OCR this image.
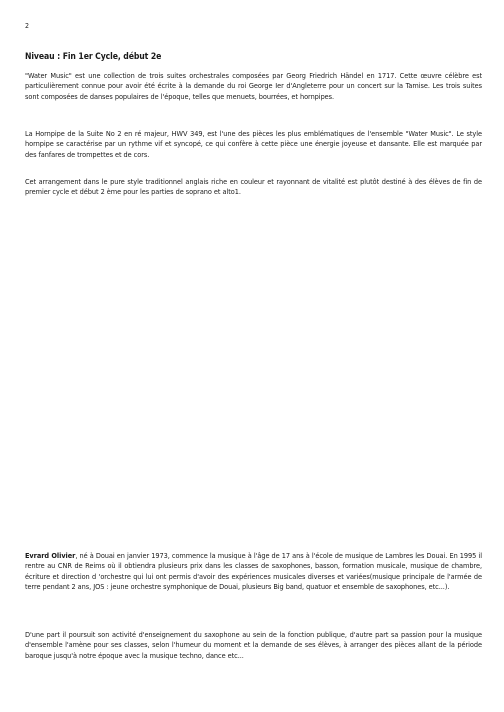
2
Niveau : Fin 1er Cycle, début 2e

"Water Music" est une collection de trois suites orchestrales composées par Georg Friedrich Händel en 1717. Cette œuvre célèbre est particulièrement connue pour avoir été écrite à la demande du roi George Ier d'Angleterre pour un concert sur la Tamise. Les trois suites sont composées de danses populaires de l'époque, telles que menuets, bourrées, et hornpipes.

La Hornpipe de la Suite No 2 en ré majeur, HWV 349, est l'une des pièces les plus emblématiques de l'ensemble "Water Music". Le style hornpipe se caractérise par un rythme vif et syncopé, ce qui confère à cette pièce une énergie joyeuse et dansante. Elle est marquée par des fanfares de trompettes et de cors.

Cet arrangement dans le pure style traditionnel anglais riche en couleur et rayonnant de vitalité est plutôt destiné à des élèves de fin de premier cycle et début 2 ème pour les parties de soprano et alto1.

Evrard Olivier, né à Douai en janvier 1973, commence la musique à l'âge de 17 ans à l'école de musique de Lambres les Douai. En 1995 il rentre au CNR de Reims où il obtiendra plusieurs prix dans les classes de saxophones, basson, formation musicale, musique de chambre, écriture et direction d 'orchestre qui lui ont permis d'avoir des expériences musicales diverses et variées(musique principale de l'armée de terre pendant 2 ans, JOS : jeune orchestre symphonique de Douai, plusieurs Big band, quatuor et ensemble de saxophones, etc...).

D'une part il poursuit son activité d'enseignement du saxophone au sein de la fonction publique, d'autre part sa passion pour la musique d'ensemble l'amène pour ses classes, selon l'humeur du moment et la demande de ses élèves, à arranger des pièces allant de la période baroque jusqu'à notre époque avec la musique techno, dance etc...
